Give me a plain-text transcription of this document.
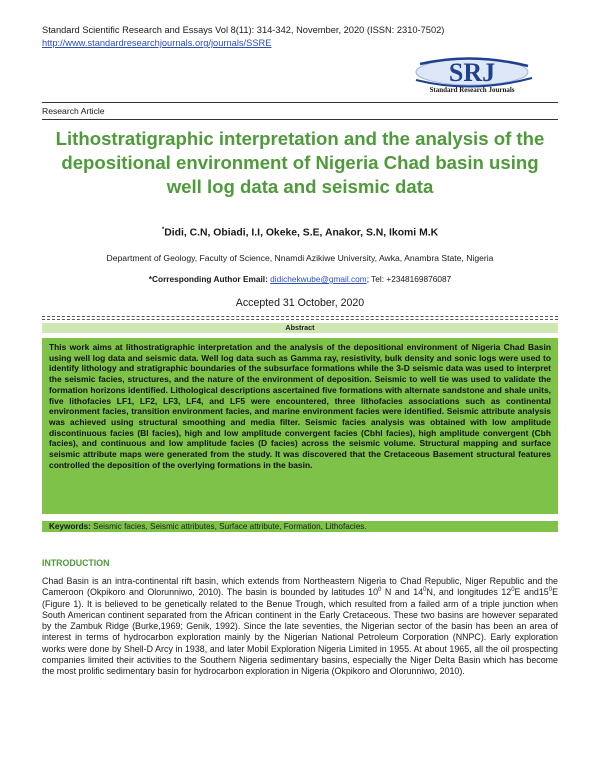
Standard Scientific Research and Essays Vol 8(11): 314-342, November, 2020 (ISSN: 2310-7502)
http://www.standardresearchjournals.org/journals/SSRE
SRJ
Standard Research Journals
Research Article
Lithostratigraphic interpretation and the analysis of the depositional environment of Nigeria Chad basin using well log data and seismic data
*Didi, C.N, Obiadi, I.I, Okeke, S.E, Anakor, S.N, Ikomi M.K
Department of Geology, Faculty of Science, Nnamdi Azikiwe University, Awka, Anambra State, Nigeria
*Corresponding Author Email: didichekwube@gmail.com; Tel: +2348169876087
Accepted 31 October, 2020
Abstract
This work aims at lithostratigraphic interpretation and the analysis of the depositional environment of Nigeria Chad Basin using well log data and seismic data. Well log data such as Gamma ray, resistivity, bulk density and sonic logs were used to identify lithology and stratigraphic boundaries of the subsurface formations while the 3-D seismic data was used to interpret the seismic facies, structures, and the nature of the environment of deposition. Seismic to well tie was used to validate the formation horizons identified. Lithological descriptions ascertained five formations with alternate sandstone and shale units, five lithofacies LF1, LF2, LF3, LF4, and LF5 were encountered, three lithofacies associations such as continental environment facies, transition environment facies, and marine environment facies were identified. Seismic attribute analysis was achieved using structural smoothing and media filter. Seismic facies analysis was obtained with low amplitude discontinuous facies (Bl facies), high and low amplitude convergent facies (Cbhl facies), high amplitude convergent (Cbh facies), and continuous and low amplitude facies (D facies) across the seismic volume. Structural mapping and surface seismic attribute maps were generated from the study. It was discovered that the Cretaceous Basement structural features controlled the deposition of the overlying formations in the basin.
Keywords: Seismic facies, Seismic attributes, Surface attribute, Formation, Lithofacies.
INTRODUCTION
Chad Basin is an intra-continental rift basin, which extends from Northeastern Nigeria to Chad Republic, Niger Republic and the Cameroon (Okpikoro and Olorunniwo, 2010). The basin is bounded by latitudes $10^0$ N and $14^0N$, and longitudes $12^0E$ $and15^0E$ (Figure 1). It is believed to be genetically related to the Benue Trough, which resulted from a failed arm of a triple junction when South American continent separated from the African continent in the Early Cretaceous. These two basins are however separated by the Zambuk Ridge (Burke,1969; Genik, 1992). Since the late seventies, the Nigerian sector of the basin has been an area of interest in terms of hydrocarbon exploration mainly by the Nigerian National Petroleum Corporation (NNPC). Early exploration works were done by Shell-D Arcy in 1938, and later Mobil Exploration Nigeria Limited in 1955. At about 1965, all the oil prospecting companies limited their activities to the Southern Nigeria sedimentary basins, especially the Niger Delta Basin which has become the most prolific sedimentary basin for hydrocarbon exploration in Nigeria (Okpikoro and Olorunniwo, 2010).
